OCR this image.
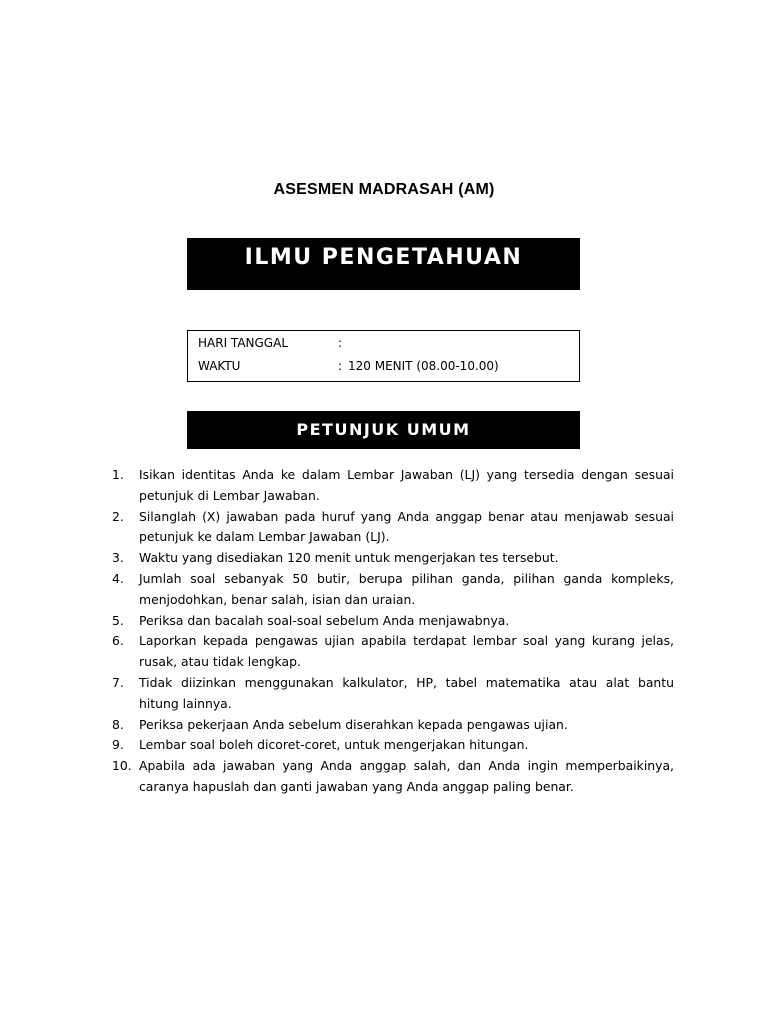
ASESMEN MADRASAH (AM)
ILMU PENGETAHUAN
HARI TANGGAL	:
WAKTU	: 120 MENIT (08.00-10.00)
PETUNJUK UMUM
1. Isikan identitas Anda ke dalam Lembar Jawaban (LJ) yang tersedia dengan sesuai petunjuk di Lembar Jawaban.
2. Silanglah (X) jawaban pada huruf yang Anda anggap benar atau menjawab sesuai petunjuk ke dalam Lembar Jawaban (LJ).
3. Waktu yang disediakan 120 menit untuk mengerjakan tes tersebut.
4. Jumlah soal sebanyak 50 butir, berupa pilihan ganda, pilihan ganda kompleks, menjodohkan, benar salah, isian dan uraian.
5. Periksa dan bacalah soal-soal sebelum Anda menjawabnya.
6. Laporkan kepada pengawas ujian apabila terdapat lembar soal yang kurang jelas, rusak, atau tidak lengkap.
7. Tidak diizinkan menggunakan kalkulator, HP, tabel matematika atau alat bantu hitung lainnya.
8. Periksa pekerjaan Anda sebelum diserahkan kepada pengawas ujian.
9. Lembar soal boleh dicoret-coret, untuk mengerjakan hitungan.
10. Apabila ada jawaban yang Anda anggap salah, dan Anda ingin memperbaikinya, caranya hapuslah dan ganti jawaban yang Anda anggap paling benar.
